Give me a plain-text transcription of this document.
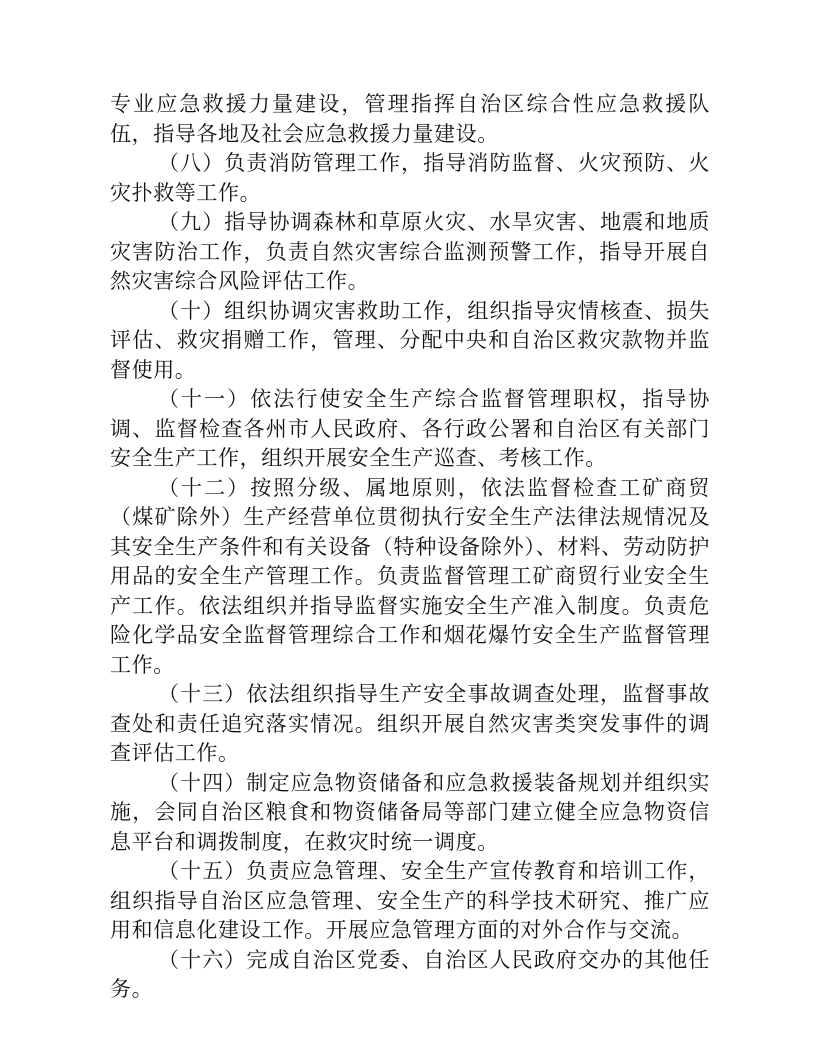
专业应急救援力量建设，管理指挥自治区综合性应急救援队伍，指导各地及社会应急救援力量建设。

（八）负责消防管理工作，指导消防监督、火灾预防、火灾扑救等工作。

（九）指导协调森林和草原火灾、水旱灾害、地震和地质灾害防治工作，负责自然灾害综合监测预警工作，指导开展自然灾害综合风险评估工作。

（十）组织协调灾害救助工作，组织指导灾情核查、损失评估、救灾捐赠工作，管理、分配中央和自治区救灾款物并监督使用。

（十一）依法行使安全生产综合监督管理职权，指导协调、监督检查各州市人民政府、各行政公署和自治区有关部门安全生产工作，组织开展安全生产巡查、考核工作。

（十二）按照分级、属地原则，依法监督检查工矿商贸（煤矿除外）生产经营单位贯彻执行安全生产法律法规情况及其安全生产条件和有关设备（特种设备除外）、材料、劳动防护用品的安全生产管理工作。负责监督管理工矿商贸行业安全生产工作。依法组织并指导监督实施安全生产准入制度。负责危险化学品安全监督管理综合工作和烟花爆竹安全生产监督管理工作。

（十三）依法组织指导生产安全事故调查处理，监督事故查处和责任追究落实情况。组织开展自然灾害类突发事件的调查评估工作。

（十四）制定应急物资储备和应急救援装备规划并组织实施，会同自治区粮食和物资储备局等部门建立健全应急物资信息平台和调拨制度，在救灾时统一调度。

（十五）负责应急管理、安全生产宣传教育和培训工作，组织指导自治区应急管理、安全生产的科学技术研究、推广应用和信息化建设工作。开展应急管理方面的对外合作与交流。

（十六）完成自治区党委、自治区人民政府交办的其他任务。
